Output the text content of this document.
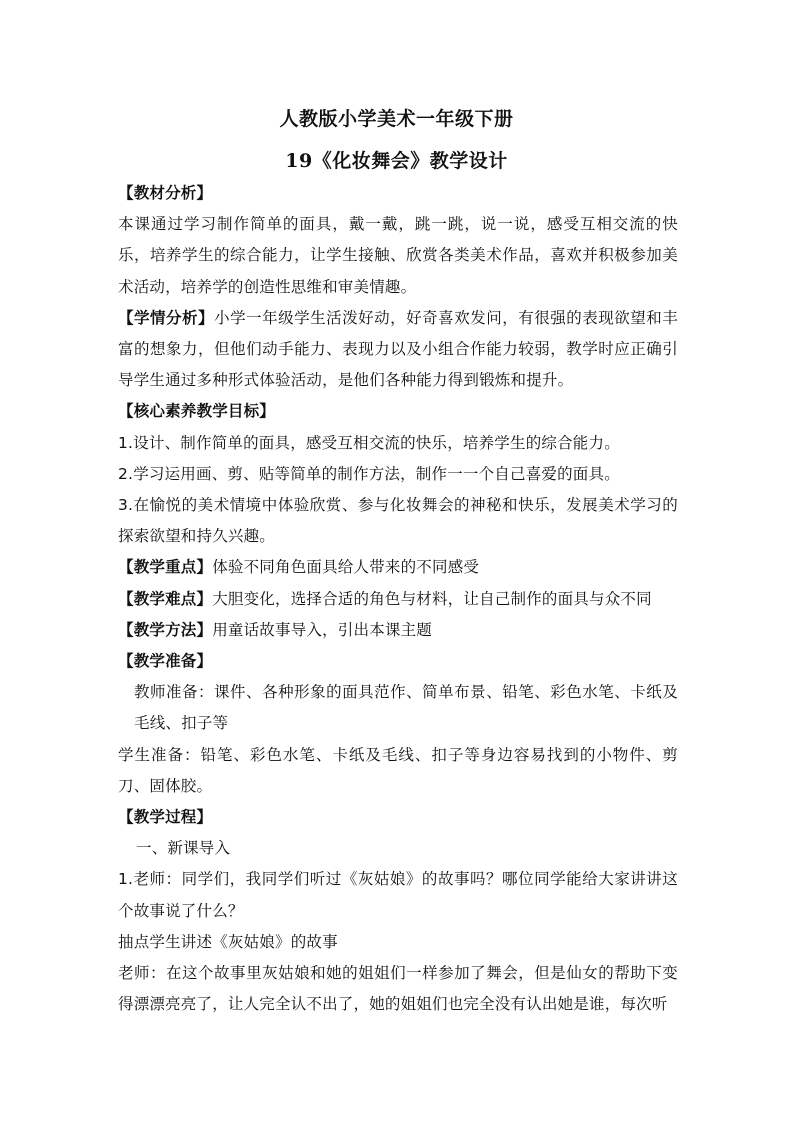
人教版小学美术一年级下册
19《化妆舞会》教学设计

【教材分析】

本课通过学习制作简单的面具，戴一戴，跳一跳，说一说，感受互相交流的快乐，培养学生的综合能力，让学生接触、欣赏各类美术作品，喜欢并积极参加美术活动，培养学的创造性思维和审美情趣。

【学情分析】小学一年级学生活泼好动，好奇喜欢发问，有很强的表现欲望和丰富的想象力，但他们动手能力、表现力以及小组合作能力较弱，教学时应正确引导学生通过多种形式体验活动，是他们各种能力得到锻炼和提升。

【核心素养教学目标】

1.设计、制作简单的面具，感受互相交流的快乐，培养学生的综合能力。

2.学习运用画、剪、贴等简单的制作方法，制作一一个自己喜爱的面具。

3.在愉悦的美术情境中体验欣赏、参与化妆舞会的神秘和快乐，发展美术学习的探索欲望和持久兴趣。

【教学重点】体验不同角色面具给人带来的不同感受

【教学难点】大胆变化，选择合适的角色与材料，让自己制作的面具与众不同

【教学方法】用童话故事导入，引出本课主题

【教学准备】

教师准备：课件、各种形象的面具范作、简单布景、铅笔、彩色水笔、卡纸及毛线、扣子等

学生准备：铅笔、彩色水笔、卡纸及毛线、扣子等身边容易找到的小物件、剪刀、固体胶。

【教学过程】

一、新课导入

1.老师：同学们，我同学们听过《灰姑娘》的故事吗？哪位同学能给大家讲讲这个故事说了什么？

抽点学生讲述《灰姑娘》的故事

老师：在这个故事里灰姑娘和她的姐姐们一样参加了舞会，但是仙女的帮助下变得漂漂亮亮了，让人完全认不出了，她的姐姐们也完全没有认出她是谁，每次听
